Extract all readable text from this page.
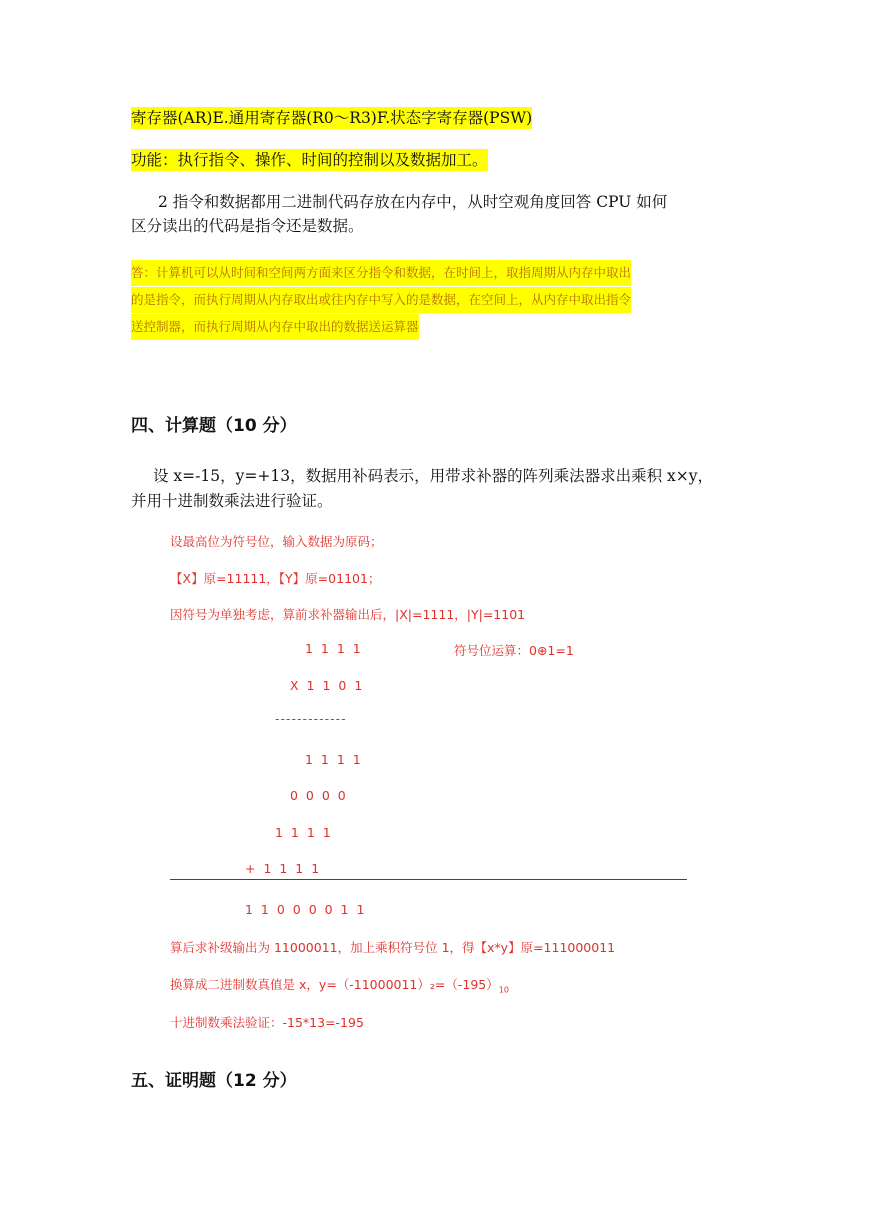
寄存器(AR)E.通用寄存器(R0～R3)F.状态字寄存器(PSW)
功能：执行指令、操作、时间的控制以及数据加工。
2 指令和数据都用二进制代码存放在内存中，从时空观角度回答 CPU 如何
区分读出的代码是指令还是数据。
答：计算机可以从时间和空间两方面来区分指令和数据，在时间上，取指周期从内存中取出
的是指令，而执行周期从内存取出或往内存中写入的是数据，在空间上，从内存中取出指令
送控制器，而执行周期从内存中取出的数据送运算器
四、计算题（10 分）
设 x=-15，y=+13，数据用补码表示，用带求补器的阵列乘法器求出乘积 x×y，
并用十进制数乘法进行验证。
设最高位为符号位，输入数据为原码；
【X】原=11111，【Y】原=01101；
因符号为单独考虑，算前求补器输出后，|X|=1111，|Y|=1101
1 1 1 1	符号位运算：0⊕1=1
X 1 1 0 1
-------------
1 1 1 1
0 0 0 0
1 1 1 1
+ 1 1 1 1
1 1 0 0 0 0 1 1
算后求补级输出为 11000011，加上乘积符号位 1，得【x*y】原=111000011
换算成二进制数真值是 x，$y=(-11000011)_2=(-195)_{10}$
十进制数乘法验证：-15*13=-195
五、证明题（12 分）
